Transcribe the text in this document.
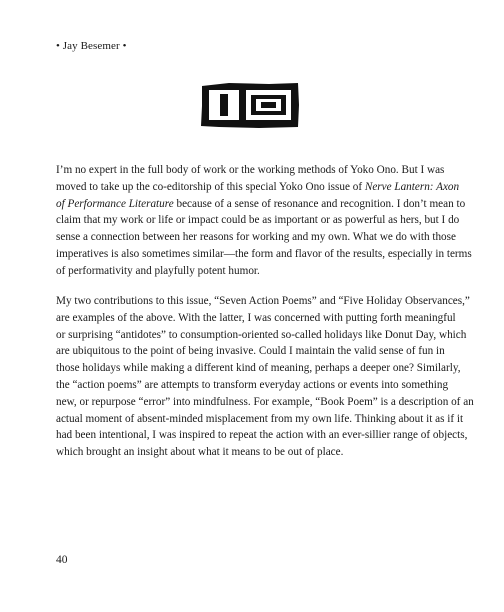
• Jay Besemer •

I’m no expert in the full body of work or the working methods of Yoko Ono. But I was
moved to take up the co-editorship of this special Yoko Ono issue of Nerve Lantern: Axon
of Performance Literature because of a sense of resonance and recognition. I don’t mean to
claim that my work or life or impact could be as important or as powerful as hers, but I do
sense a connection between her reasons for working and my own. What we do with those
imperatives is also sometimes similar—the form and flavor of the results, especially in terms
of performativity and playfully potent humor.

My two contributions to this issue, “Seven Action Poems” and “Five Holiday Observances,”
are examples of the above. With the latter, I was concerned with putting forth meaningful
or surprising “antidotes” to consumption-oriented so-called holidays like Donut Day, which
are ubiquitous to the point of being invasive. Could I maintain the valid sense of fun in
those holidays while making a different kind of meaning, perhaps a deeper one? Similarly,
the “action poems” are attempts to transform everyday actions or events into something
new, or repurpose “error” into mindfulness. For example, “Book Poem” is a description of an
actual moment of absent-minded misplacement from my own life. Thinking about it as if it
had been intentional, I was inspired to repeat the action with an ever-sillier range of objects,
which brought an insight about what it means to be out of place.

40
